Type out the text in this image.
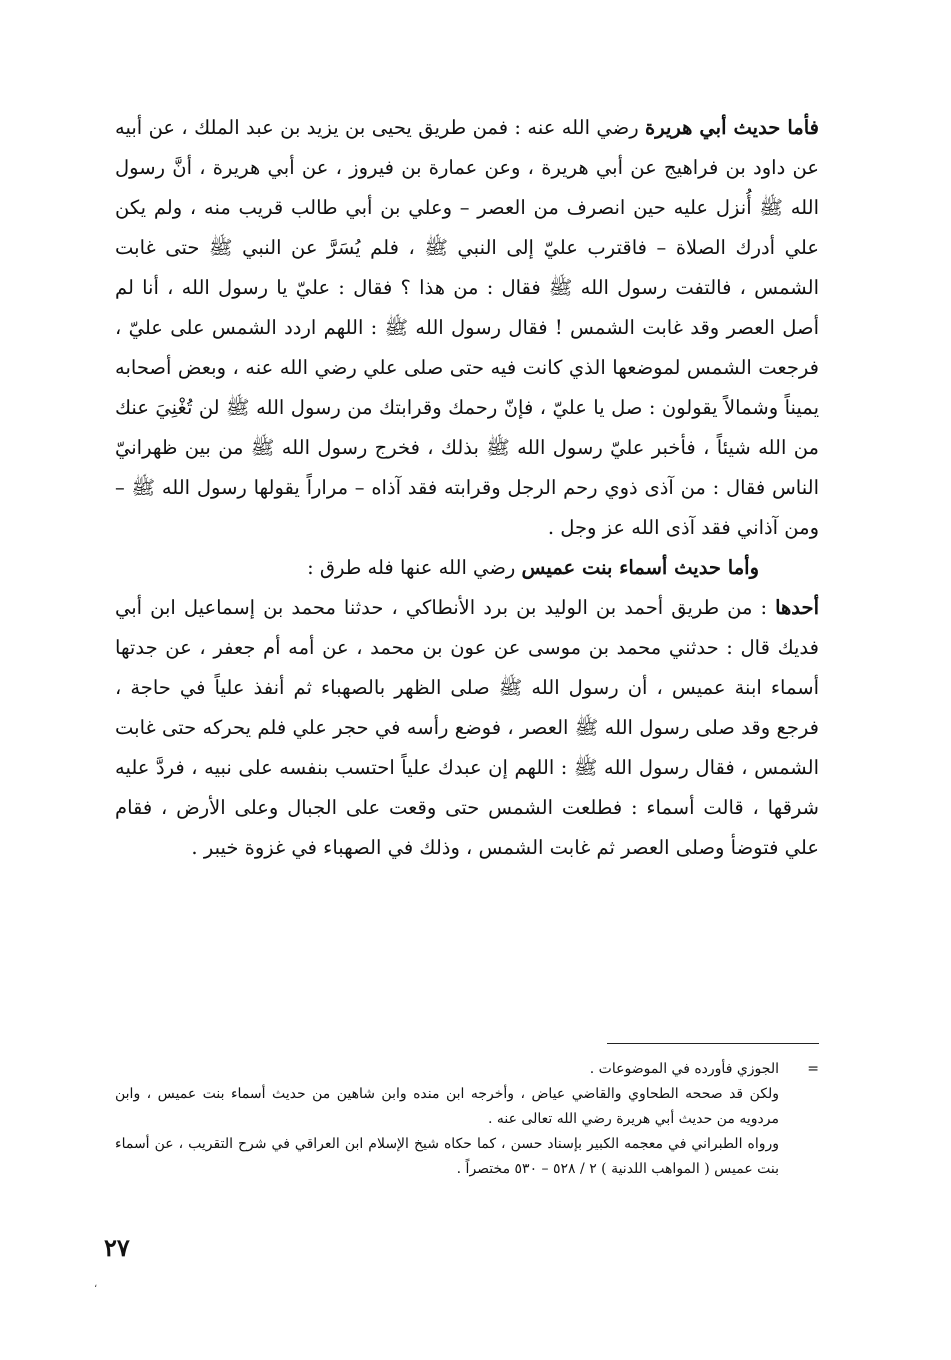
فأما حديث أبي هريرة رضي الله عنه : فمن طريق يحيى بن يزيد بن عبد الملك ، عن أبيه عن داود بن فراهيج عن أبي هريرة ، وعن عمارة بن فيروز ، عن أبي هريرة ، أنَّ رسول الله ﷺ أُنزل عليه حين انصرف من العصر – وعلي بن أبي طالب قريب منه ، ولم يكن علي أدرك الصلاة – فاقترب عليّ إلى النبي ﷺ ، فلم يُسَرَّ عن النبي ﷺ حتى غابت الشمس ، فالتفت رسول الله ﷺ فقال : من هذا ؟ فقال : عليّ يا رسول الله ، أنا لم أصل العصر وقد غابت الشمس ! فقال رسول الله ﷺ : اللهم اردد الشمس على عليّ ، فرجعت الشمس لموضعها الذي كانت فيه حتى صلى علي رضي الله عنه ، وبعض أصحابه يميناً وشمالاً يقولون : صل يا عليّ ، فإنّ رحمك وقرابتك من رسول الله ﷺ لن تُغْنِيَ عنك من الله شيئاً ، فأخبر عليّ رسول الله ﷺ بذلك ، فخرج رسول الله ﷺ من بين ظهرانيّ الناس فقال : من آذى ذوي رحم الرجل وقرابته فقد آذاه – مراراً يقولها رسول الله ﷺ – ومن آذاني فقد آذى الله عز وجل .

وأما حديث أسماء بنت عميس رضي الله عنها فله طرق :

أحدها : من طريق أحمد بن الوليد بن برد الأنطاكي ، حدثنا محمد بن إسماعيل ابن أبي فديك قال : حدثني محمد بن موسى عن عون بن محمد ، عن أمه أم جعفر ، عن جدتها أسماء ابنة عميس ، أن رسول الله ﷺ صلى الظهر بالصهباء ثم أنفذ علياً في حاجة ، فرجع وقد صلى رسول الله ﷺ العصر ، فوضع رأسه في حجر علي فلم يحركه حتى غابت الشمس ، فقال رسول الله ﷺ : اللهم إن عبدك علياً احتسب بنفسه على نبيه ، فردَّ عليه شرقها ، قالت أسماء : فطلعت الشمس حتى وقعت على الجبال وعلى الأرض ، فقام علي فتوضأ وصلى العصر ثم غابت الشمس ، وذلك في الصهباء في غزوة خيبر .

=
الجوزي فأورده في الموضوعات .

ولكن قد صححه الطحاوي والقاضي عياض ، وأخرجه ابن منده وابن شاهين من حديث أسماء بنت عميس ، وابن مردويه من حديث أبي هريرة رضي الله تعالى عنه .

ورواه الطبراني في معجمه الكبير بإسناد حسن ، كما حكاه شيخ الإسلام ابن العراقي في شرح التقريب ، عن أسماء بنت عميس ( المواهب اللدنية ) ٢ / ٥٢٨ – ٥٣٠ مختصراً .

٢٧
،
